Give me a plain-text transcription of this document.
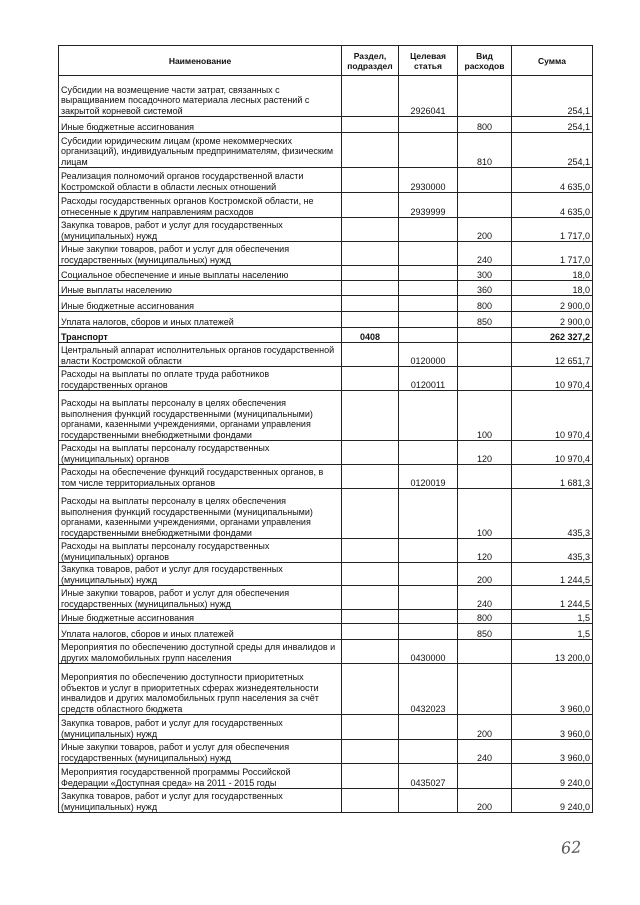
Наименование	Раздел, подраздел	Целевая статья	Вид расходов	Сумма
Субсидии на возмещение части затрат, связанных с выращиванием посадочного материала лесных растений с закрытой корневой системой		2926041		254,1
Иные бюджетные ассигнования			800	254,1
Субсидии юридическим лицам (кроме некоммерческих организаций), индивидуальным предпринимателям, физическим лицам			810	254,1
Реализация полномочий органов государственной власти Костромской области в области лесных отношений		2930000		4 635,0
Расходы государственных органов Костромской области, не отнесенные к другим направлениям расходов		2939999		4 635,0
Закупка товаров, работ и услуг для государственных (муниципальных) нужд			200	1 717,0
Иные закупки товаров, работ и услуг для обеспечения государственных (муниципальных) нужд			240	1 717,0
Социальное обеспечение и иные выплаты населению			300	18,0
Иные выплаты населению			360	18,0
Иные бюджетные ассигнования			800	2 900,0
Уплата налогов, сборов и иных платежей			850	2 900,0
Транспорт	0408			262 327,2
Центральный аппарат исполнительных органов государственной власти Костромской области		0120000		12 651,7
Расходы на выплаты по оплате труда работников государственных органов		0120011		10 970,4
Расходы на выплаты персоналу в целях обеспечения выполнения функций государственными (муниципальными) органами, казенными учреждениями, органами управления государственными внебюджетными фондами			100	10 970,4
Расходы на выплаты персоналу государственных (муниципальных) органов			120	10 970,4
Расходы на обеспечение функций государственных органов, в том числе территориальных органов		0120019		1 681,3
Расходы на выплаты персоналу в целях обеспечения выполнения функций государственными (муниципальными) органами, казенными учреждениями, органами управления государственными внебюджетными фондами			100	435,3
Расходы на выплаты персоналу государственных (муниципальных) органов			120	435,3
Закупка товаров, работ и услуг для государственных (муниципальных) нужд			200	1 244,5
Иные закупки товаров, работ и услуг для обеспечения государственных (муниципальных) нужд			240	1 244,5
Иные бюджетные ассигнования			800	1,5
Уплата налогов, сборов и иных платежей			850	1,5
Мероприятия по обеспечению доступной среды для инвалидов и других маломобильных групп населения		0430000		13 200,0
Мероприятия по обеспечению доступности приоритетных объектов и услуг в приоритетных сферах жизнедеятельности инвалидов и других маломобильных групп населения за счёт средств областного бюджета		0432023		3 960,0
Закупка товаров, работ и услуг для государственных (муниципальных) нужд			200	3 960,0
Иные закупки товаров, работ и услуг для обеспечения государственных (муниципальных) нужд			240	3 960,0
Мероприятия государственной программы Российской Федерации «Доступная среда» на 2011 - 2015 годы		0435027		9 240,0
Закупка товаров, работ и услуг для государственных (муниципальных) нужд			200	9 240,0
62
